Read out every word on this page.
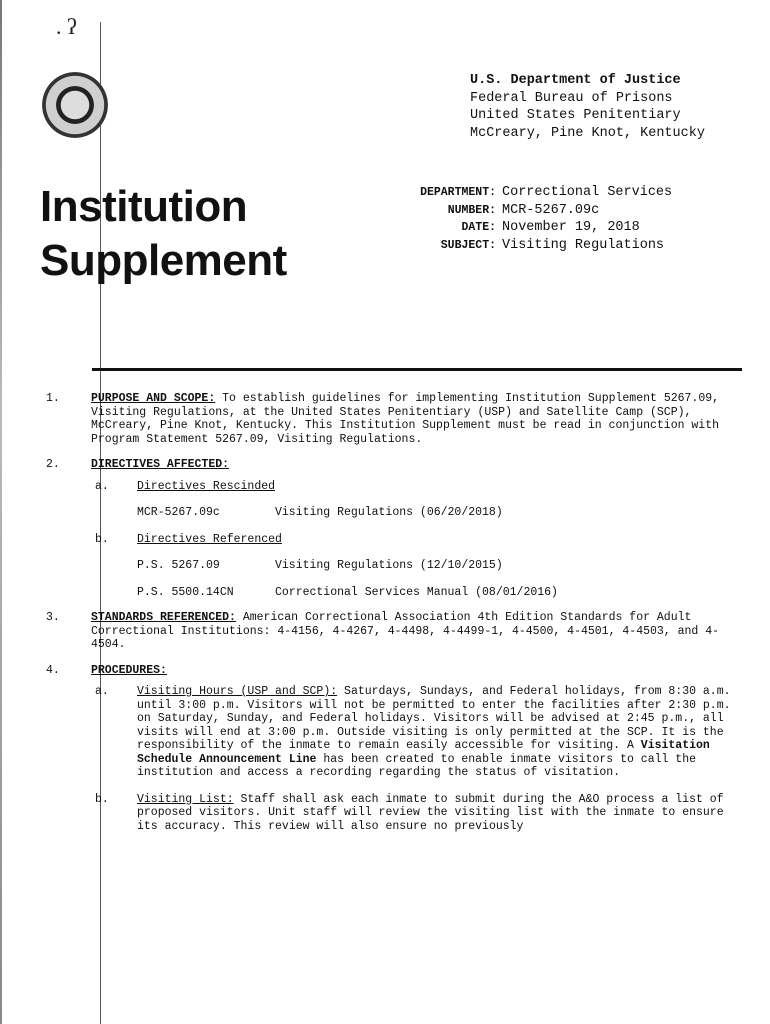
. ʔ
U.S. Department of Justice
Federal Bureau of Prisons
United States Penitentiary
McCreary, Pine Knot, Kentucky
Institution
Supplement
DEPARTMENT: Correctional Services
NUMBER: MCR-5267.09c
DATE: November 19, 2018
SUBJECT: Visiting Regulations
1.	PURPOSE AND SCOPE: To establish guidelines for implementing Institution Supplement 5267.09, Visiting Regulations, at the United States Penitentiary (USP) and Satellite Camp (SCP), McCreary, Pine Knot, Kentucky. This Institution Supplement must be read in conjunction with Program Statement 5267.09, Visiting Regulations.
2.	DIRECTIVES AFFECTED:
a.	Directives Rescinded
MCR-5267.09c	Visiting Regulations (06/20/2018)
b.	Directives Referenced
P.S. 5267.09	Visiting Regulations (12/10/2015)
P.S. 5500.14CN	Correctional Services Manual (08/01/2016)
3.	STANDARDS REFERENCED: American Correctional Association 4th Edition Standards for Adult Correctional Institutions: 4-4156, 4-4267, 4-4498, 4-4499-1, 4-4500, 4-4501, 4-4503, and 4-4504.
4.	PROCEDURES:
a.	Visiting Hours (USP and SCP): Saturdays, Sundays, and Federal holidays, from 8:30 a.m. until 3:00 p.m. Visitors will not be permitted to enter the facilities after 2:30 p.m. on Saturday, Sunday, and Federal holidays. Visitors will be advised at 2:45 p.m., all visits will end at 3:00 p.m. Outside visiting is only permitted at the SCP. It is the responsibility of the inmate to remain easily accessible for visiting. A Visitation Schedule Announcement Line has been created to enable inmate visitors to call the institution and access a recording regarding the status of visitation.
b.	Visiting List: Staff shall ask each inmate to submit during the A&O process a list of proposed visitors. Unit staff will review the visiting list with the inmate to ensure its accuracy. This review will also ensure no previously
